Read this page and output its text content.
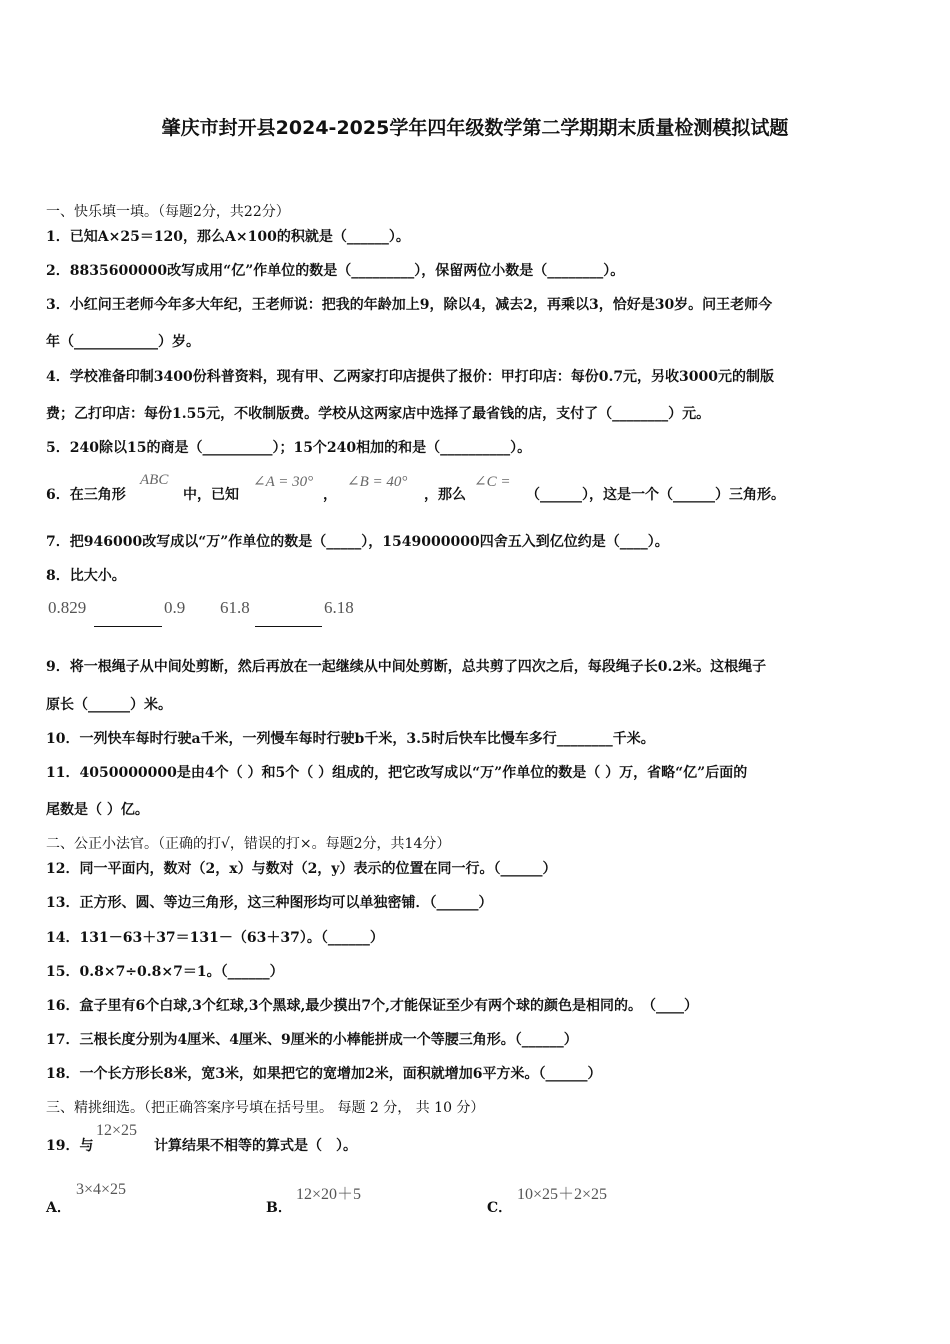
肇庆市封开县2024-2025学年四年级数学第二学期期末质量检测模拟试题
一、快乐填一填。（每题2分，共22分）
1．已知A×25＝120，那么A×100的积就是（______）。
2．8835600000改写成用“亿”作单位的数是（_________），保留两位小数是（________）。
3．小红问王老师今年多大年纪，王老师说：把我的年龄加上9，除以4，减去2，再乘以3，恰好是30岁。问王老师今
年（____________）岁。
4．学校准备印制3400份科普资料，现有甲、乙两家打印店提供了报价：甲打印店：每份0.7元，另收3000元的制版
费；乙打印店：每份1.55元，不收制版费。学校从这两家店中选择了最省钱的店，支付了（________）元。
5．240除以15的商是（__________）；15个240相加的和是（__________）。
6．在三角形
ABC
中，已知
∠A = 30°
，
∠B = 40°
，那么
∠C =
（______），这是一个（______）三角形。
7．把946000改写成以“万”作单位的数是（_____），1549000000四舍五入到亿位约是（____）。
8．比大小。
0.829	0.9 61.8	6.18
9．将一根绳子从中间处剪断，然后再放在一起继续从中间处剪断，总共剪了四次之后，每段绳子长0.2米。这根绳子
原长（______）米。
10．一列快车每时行驶a千米，一列慢车每时行驶b千米，3.5时后快车比慢车多行________千米。
11．4050000000是由4个（ ）和5个（ ）组成的，把它改写成以“万”作单位的数是（ ）万，省略“亿”后面的
尾数是（ ）亿。
二、公正小法官。（正确的打√，错误的打×。每题2分，共14分）
12．同一平面内，数对（2，x）与数对（2，y）表示的位置在同一行。（______）
13．正方形、圆、等边三角形，这三种图形均可以单独密铺．（______）
14．131－63＋37＝131－（63＋37）。（______）
15．0.8×7÷0.8×7＝1。（______）
16．盒子里有6个白球,3个红球,3个黑球,最少摸出7个,才能保证至少有两个球的颜色是相同的。　（____）
17．三根长度分别为4厘米、4厘米、9厘米的小棒能拼成一个等腰三角形。（______）
18．一个长方形长8米，宽3米，如果把它的宽增加2米，面积就增加6平方米。（______）
三、精挑细选。（把正确答案序号填在括号里。 每题 2 分， 共 10 分）
19．与
12×25
计算结果不相等的算式是（　）。
A．
3×4×25
B．
12×20＋5
C．
10×25＋2×25
